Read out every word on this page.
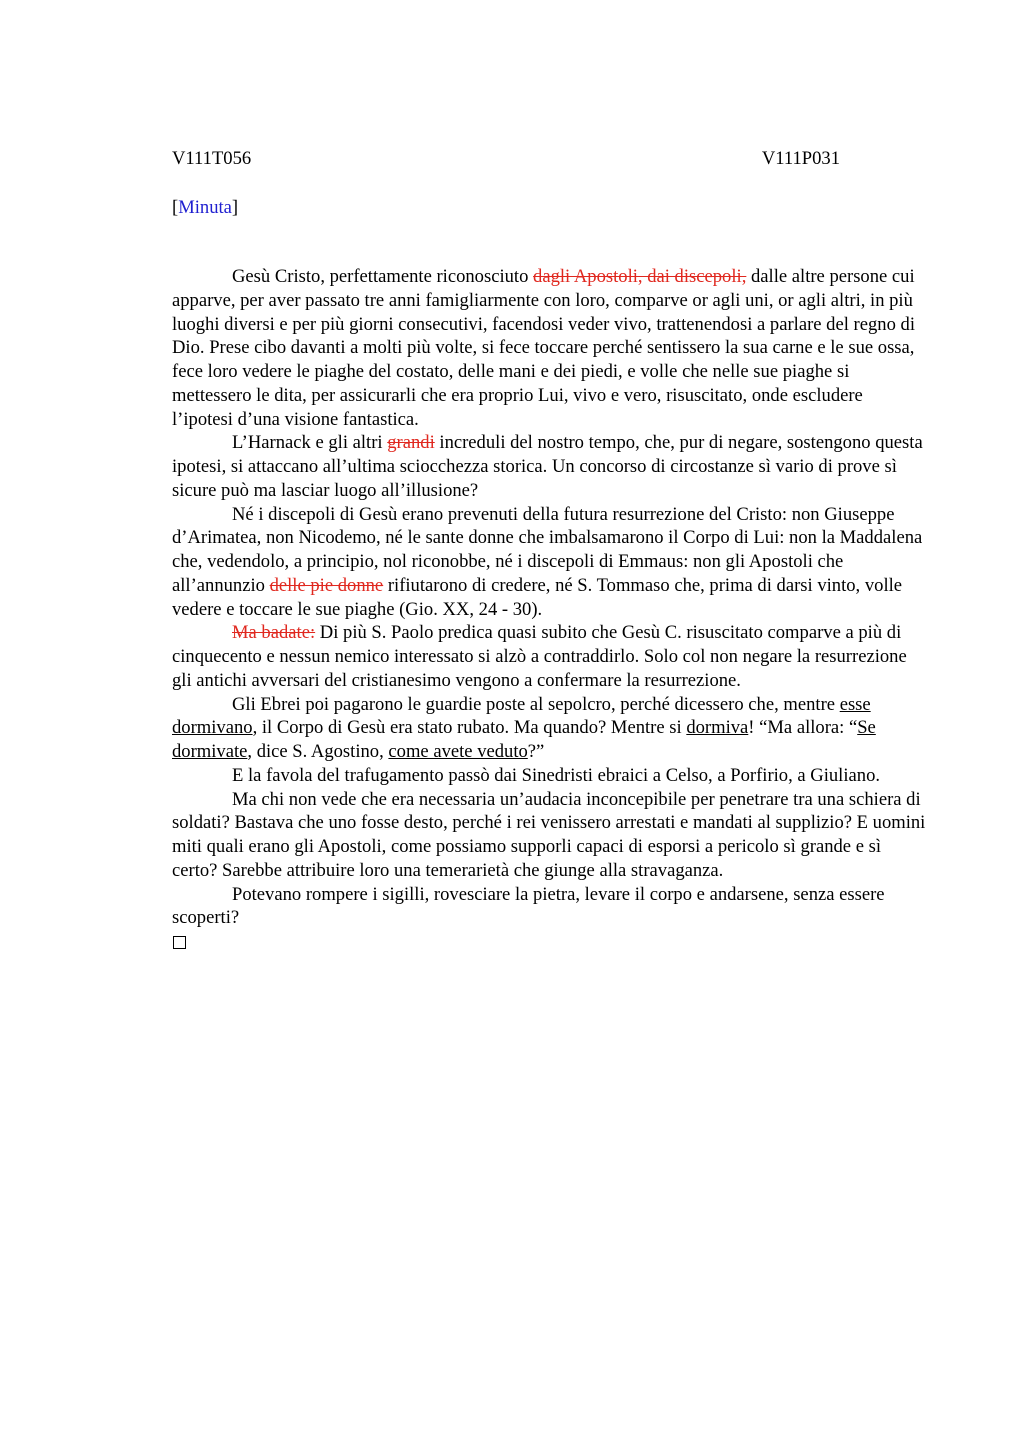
V111T056	V111P031
[Minuta]

Gesù Cristo, perfettamente riconosciuto dagli Apostoli, dai discepoli, dalle altre persone cui apparve, per aver passato tre anni famigliarmente con loro, comparve or agli uni, or agli altri, in più luoghi diversi e per più giorni consecutivi, facendosi veder vivo, trattenendosi a parlare del regno di Dio. Prese cibo davanti a molti più volte, si fece toccare perché sentissero la sua carne e le sue ossa, fece loro vedere le piaghe del costato, delle mani e dei piedi, e volle che nelle sue piaghe si mettessero le dita, per assicurarli che era proprio Lui, vivo e vero, risuscitato, onde escludere l’ipotesi d’una visione fantastica.

L’Harnack e gli altri grandi increduli del nostro tempo, che, pur di negare, sostengono questa ipotesi, si attaccano all’ultima sciocchezza storica. Un concorso di circostanze sì vario di prove sì sicure può ma lasciar luogo all’illusione?

Né i discepoli di Gesù erano prevenuti della futura resurrezione del Cristo: non Giuseppe d’Arimatea, non Nicodemo, né le sante donne che imbalsamarono il Corpo di Lui: non la Maddalena che, vedendolo, a principio, nol riconobbe, né i discepoli di Emmaus: non gli Apostoli che all’annunzio delle pie donne rifiutarono di credere, né S. Tommaso che, prima di darsi vinto, volle vedere e toccare le sue piaghe (Gio. XX, 24 - 30).

Ma badate: Di più S. Paolo predica quasi subito che Gesù C. risuscitato comparve a più di cinquecento e nessun nemico interessato si alzò a contraddirlo. Solo col non negare la resurrezione gli antichi avversari del cristianesimo vengono a confermare la resurrezione.

Gli Ebrei poi pagarono le guardie poste al sepolcro, perché dicessero che, mentre esse dormivano, il Corpo di Gesù era stato rubato. Ma quando? Mentre si dormiva! “Ma allora: “Se dormivate, dice S. Agostino, come avete veduto?”

E la favola del trafugamento passò dai Sinedristi ebraici a Celso, a Porfirio, a Giuliano.

Ma chi non vede che era necessaria un’audacia inconcepibile per penetrare tra una schiera di soldati? Bastava che uno fosse desto, perché i rei venissero arrestati e mandati al supplizio? E uomini miti quali erano gli Apostoli, come possiamo supporli capaci di esporsi a pericolo sì grande e sì certo? Sarebbe attribuire loro una temerarietà che giunge alla stravaganza.

Potevano rompere i sigilli, rovesciare la pietra, levare il corpo e andarsene, senza essere scoperti?
